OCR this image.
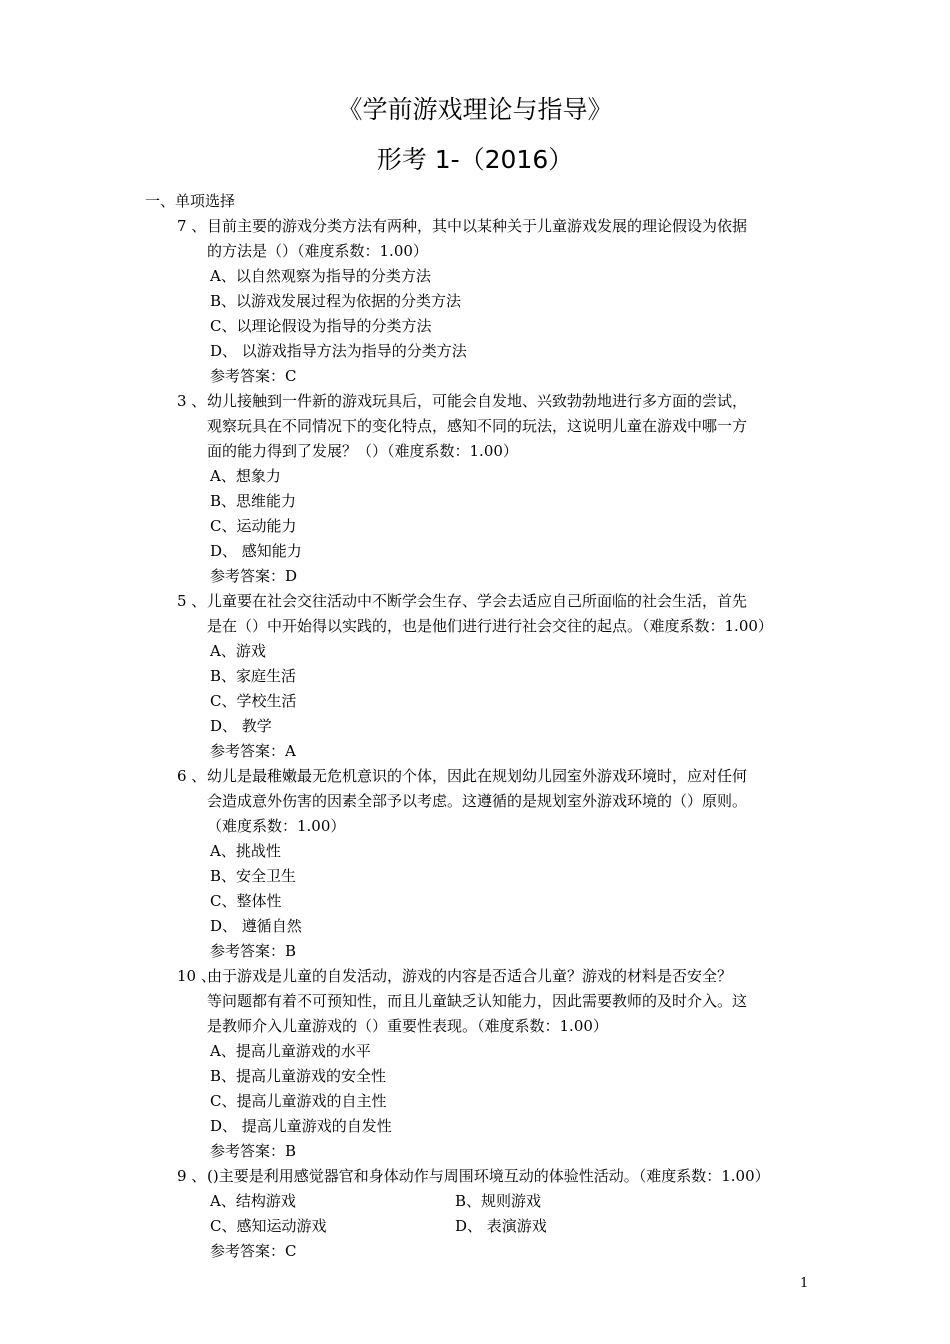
《学前游戏理论与指导》
形考 1-（2016）
一、单项选择
7 、 目前主要的游戏分类方法有两种，其中以某种关于儿童游戏发展的理论假设为依据
的方法是（）（难度系数：1.00）
A、以自然观察为指导的分类方法
B、以游戏发展过程为依据的分类方法
C、以理论假设为指导的分类方法
D、 以游戏指导方法为指导的分类方法
参考答案：C
3 、 幼儿接触到一件新的游戏玩具后，可能会自发地、兴致勃勃地进行多方面的尝试，
观察玩具在不同情况下的变化特点，感知不同的玩法，这说明儿童在游戏中哪一方
面的能力得到了发展？（）（难度系数：1.00）
A、想象力
B、思维能力
C、运动能力
D、 感知能力
参考答案：D
5 、 儿童要在社会交往活动中不断学会生存、学会去适应自己所面临的社会生活，首先
是在（）中开始得以实践的，也是他们进行进行社会交往的起点。（难度系数：1.00）
A、游戏
B、家庭生活
C、学校生活
D、 教学
参考答案：A
6 、 幼儿是最稚嫩最无危机意识的个体，因此在规划幼儿园室外游戏环境时，应对任何
会造成意外伤害的因素全部予以考虑。这遵循的是规划室外游戏环境的（）原则。
（难度系数：1.00）
A、挑战性
B、安全卫生
C、整体性
D、 遵循自然
参考答案：B
10 、
由于游戏是儿童的自发活动，游戏的内容是否适合儿童？游戏的材料是否安全？
等问题都有着不可预知性，而且儿童缺乏认知能力，因此需要教师的及时介入。这
是教师介入儿童游戏的（）重要性表现。（难度系数：1.00）
A、提高儿童游戏的水平
B、提高儿童游戏的安全性
C、提高儿童游戏的自主性
D、 提高儿童游戏的自发性
参考答案：B
9 、 ()主要是利用感觉器官和身体动作与周围环境互动的体验性活动。（难度系数：1.00）
A、结构游戏	B、规则游戏
C、感知运动游戏	D、 表演游戏
参考答案：C
1
